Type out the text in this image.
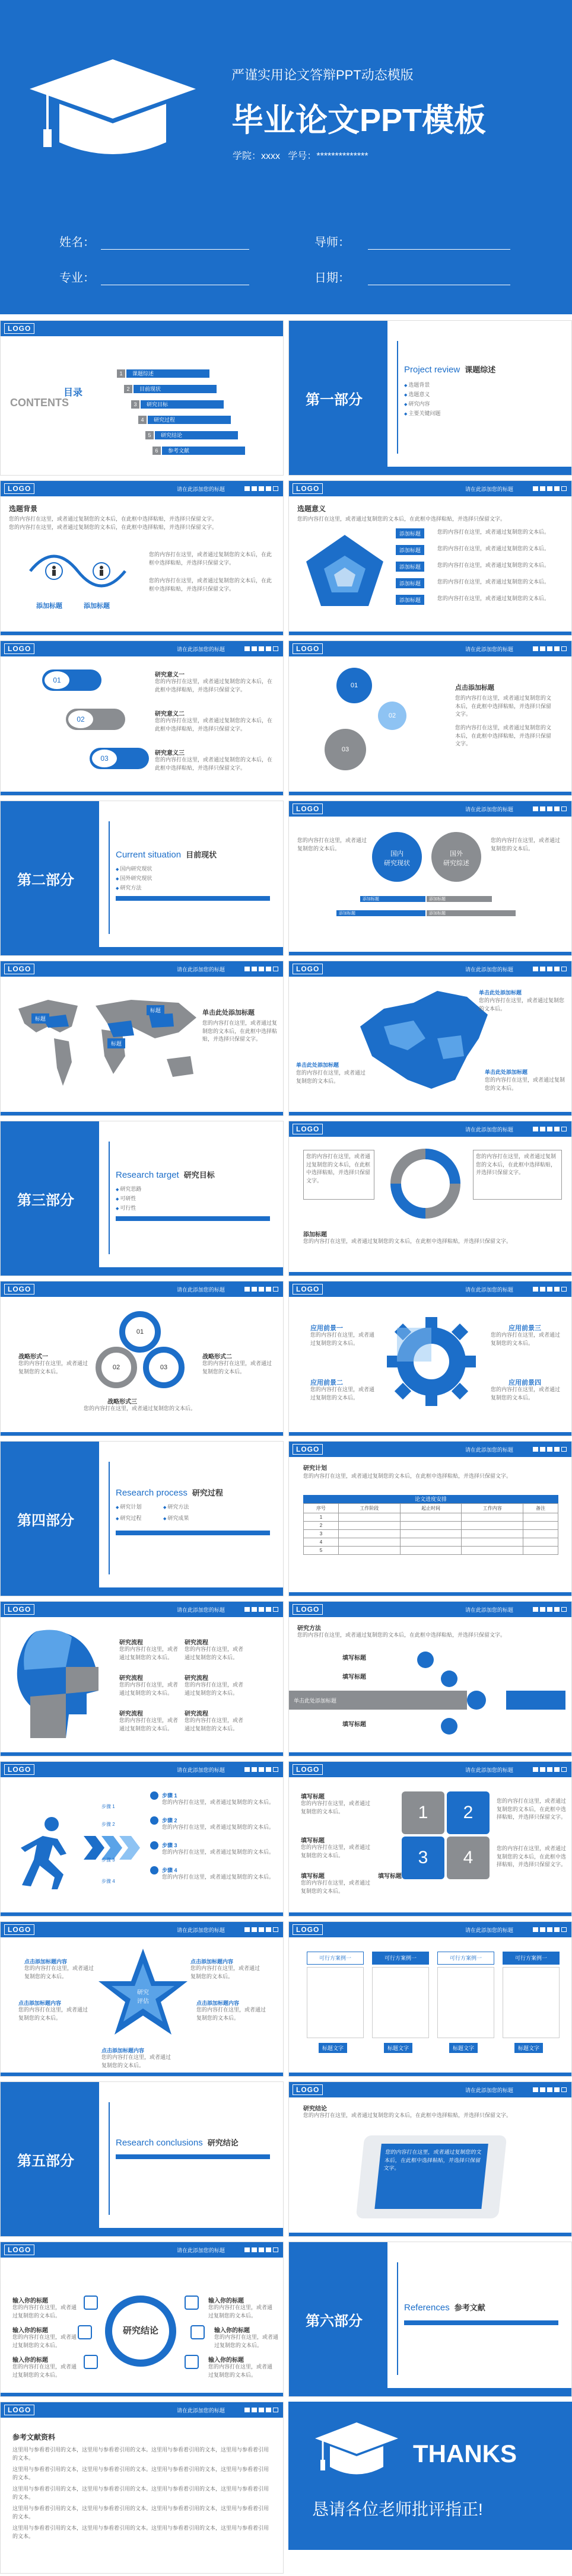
严谨实用论文答辩PPT动态模版
毕业论文PPT模板
学院：xxxx 学号：**************
姓名：	导师：
专业：	日期：
LOGO
目录
CONTENTS
1	课题综述
2	目前现状
3	研究目标
4	研究过程
5	研究结论
6	参考文献
第一部分
Project review 课题综述
◆ 选题背景
◆ 选题意义
◆ 研究内容
◆ 主要关键问题
LOGO	请在此添加您的标题
选题背景
您的内容打在这里，或者通过复制您的文本后，在此框中选择粘贴，并选择只保留文字。
您的内容打在这里，或者通过复制您的文本后，在此框中选择粘贴，并选择只保留文字。
添加标题	添加标题
您的内容打在这里，或者通过复制您的文本后，在此框中选择粘贴，并选择只保留文字。
您的内容打在这里，或者通过复制您的文本后，在此框中选择粘贴，并选择只保留文字。
LOGO	请在此添加您的标题
选题意义
您的内容打在这里，或者通过复制您的文本后，在此框中选择粘贴，并选择只保留文字。
添加标题	您的内容打在这里，或者通过复制您的文本后。
添加标题	您的内容打在这里，或者通过复制您的文本后。
添加标题	您的内容打在这里，或者通过复制您的文本后。
添加标题	您的内容打在这里，或者通过复制您的文本后。
添加标题	您的内容打在这里，或者通过复制您的文本后。
LOGO	请在此添加您的标题
01
研究意义一
您的内容打在这里，或者通过复制您的文本后，在此框中选择粘贴，并选择只保留文字。
02
研究意义二
您的内容打在这里，或者通过复制您的文本后，在此框中选择粘贴，并选择只保留文字。
03
研究意义三
您的内容打在这里，或者通过复制您的文本后，在此框中选择粘贴，并选择只保留文字。
LOGO	请在此添加您的标题
01
02
03
点击添加标题
您的内容打在这里，或者通过复制您的文本后，在此框中选择粘贴，并选择只保留文字。
您的内容打在这里，或者通过复制您的文本后，在此框中选择粘贴，并选择只保留文字。
第二部分
Current situation 目前现状
◆ 国内研究现状
◆ 国外研究现状
◆ 研究方法
LOGO	请在此添加您的标题
国内
研究现状
国外
研究综述
您的内容打在这里，或者通过复制您的文本后。
您的内容打在这里，或者通过复制您的文本后。
添加标题	添加标题
添加标题	添加标题
LOGO	请在此添加您的标题
标题
标题
标题	单击此处添加标题
您的内容打在这里，或者通过复制您的文本后，在此框中选择粘贴，并选择只保留文字。
LOGO	请在此添加您的标题
单击此处添加标题
您的内容打在这里，或者通过复制您的文本后。
单击此处添加标题
您的内容打在这里，或者通过复制您的文本后。
单击此处添加标题
您的内容打在这里，或者通过复制您的文本后。
第三部分
Research target 研究目标
◆ 研究思路
◆ 可研性
◆ 可行性
LOGO	请在此添加您的标题
您的内容打在这里，或者通过复制您的文本后，在此框中选择粘贴，并选择只保留文字。
您的内容打在这里，或者通过复制您的文本后，在此框中选择粘贴，并选择只保留文字。
添加标题
您的内容打在这里，或者通过复制您的文本后，在此框中选择粘贴，并选择只保留文字。
LOGO	请在此添加您的标题
01
02	03
战略形式一
您的内容打在这里，或者通过复制您的文本后。
战略形式二
您的内容打在这里，或者通过复制您的文本后。
战略形式三
您的内容打在这里，或者通过复制您的文本后。
LOGO	请在此添加您的标题
应用前景一
您的内容打在这里，或者通过复制您的文本后。
应用前景二
您的内容打在这里，或者通过复制您的文本后。
应用前景三
您的内容打在这里，或者通过复制您的文本后。
应用前景四
您的内容打在这里，或者通过复制您的文本后。
第四部分
Research process 研究过程
◆ 研究计划	◆ 研究方法
◆ 研究过程	◆ 研究成果
LOGO	请在此添加您的标题
研究计划
您的内容打在这里，或者通过复制您的文本后，在此框中选择粘贴，并选择只保留文字。
论文进度安排
序号	工作阶段	起止时间	工作内容	备注
1				
2				
3				
4				
5				
LOGO	请在此添加您的标题
研究流程
您的内容打在这里，或者通过复制您的文本后。
研究流程
您的内容打在这里，或者通过复制您的文本后。
研究流程
您的内容打在这里，或者通过复制您的文本后。
研究流程
您的内容打在这里，或者通过复制您的文本后。
研究流程
您的内容打在这里，或者通过复制您的文本后。
研究流程
您的内容打在这里，或者通过复制您的文本后。
LOGO	请在此添加您的标题
研究方法
您的内容打在这里，或者通过复制您的文本后，在此框中选择粘贴，并选择只保留文字。
单击此处添加标题
填写标题
填写标题
填写标题
LOGO	请在此添加您的标题
步骤 1
步骤 2
步骤 3
步骤 4
步骤 1
您的内容打在这里，或者通过复制您的文本后。
步骤 2
您的内容打在这里，或者通过复制您的文本后。
步骤 3
您的内容打在这里，或者通过复制您的文本后。
步骤 4
您的内容打在这里，或者通过复制您的文本后。
LOGO	请在此添加您的标题
填写标题
您的内容打在这里，或者通过复制您的文本后。
填写标题
您的内容打在这里，或者通过复制您的文本后。
填写标题
您的内容打在这里，或者通过复制您的文本后。
填写标题
1	2
3	4
您的内容打在这里，或者通过复制您的文本后，在此框中选择粘贴，并选择只保留文字。
您的内容打在这里，或者通过复制您的文本后，在此框中选择粘贴，并选择只保留文字。
LOGO	请在此添加您的标题
研究
评估
点击添加标题内容
您的内容打在这里，或者通过复制您的文本后。
点击添加标题内容
您的内容打在这里，或者通过复制您的文本后。
点击添加标题内容
您的内容打在这里，或者通过复制您的文本后。
点击添加标题内容
您的内容打在这里，或者通过复制您的文本后。
点击添加标题内容
您的内容打在这里，或者通过复制您的文本后。
LOGO	请在此添加您的标题
可行方案例一
标题文字
可行方案例一
标题文字
可行方案例一
标题文字
可行方案例一
标题文字
第五部分
Research conclusions 研究结论
LOGO	请在此添加您的标题
研究结论
您的内容打在这里，或者通过复制您的文本后，在此框中选择粘贴，并选择只保留文字。
您的内容打在这里，或者通过复制您的文本后，在此框中选择粘贴，并选择只保留文字。
LOGO	请在此添加您的标题
研究结论
输入你的标题
您的内容打在这里，或者通过复制您的文本后。
输入你的标题
您的内容打在这里，或者通过复制您的文本后。
输入你的标题
您的内容打在这里，或者通过复制您的文本后。
输入你的标题
您的内容打在这里，或者通过复制您的文本后。
输入你的标题
您的内容打在这里，或者通过复制您的文本后。
输入你的标题
您的内容打在这里，或者通过复制您的文本后。
第六部分
References 参考文献
LOGO	请在此添加您的标题
参考文献资料
这里用与参看着引用的文本，这里用与参看着引用的文本。这里用与参看着引用的文本，这里用与参看着引用的文本。
这里用与参看着引用的文本，这里用与参看着引用的文本。这里用与参看着引用的文本，这里用与参看着引用的文本。
这里用与参看着引用的文本，这里用与参看着引用的文本。这里用与参看着引用的文本，这里用与参看着引用的文本。
这里用与参看着引用的文本，这里用与参看着引用的文本。这里用与参看着引用的文本，这里用与参看着引用的文本。
这里用与参看着引用的文本，这里用与参看着引用的文本。这里用与参看着引用的文本，这里用与参看着引用的文本。
THANKS
恳请各位老师批评指正!
